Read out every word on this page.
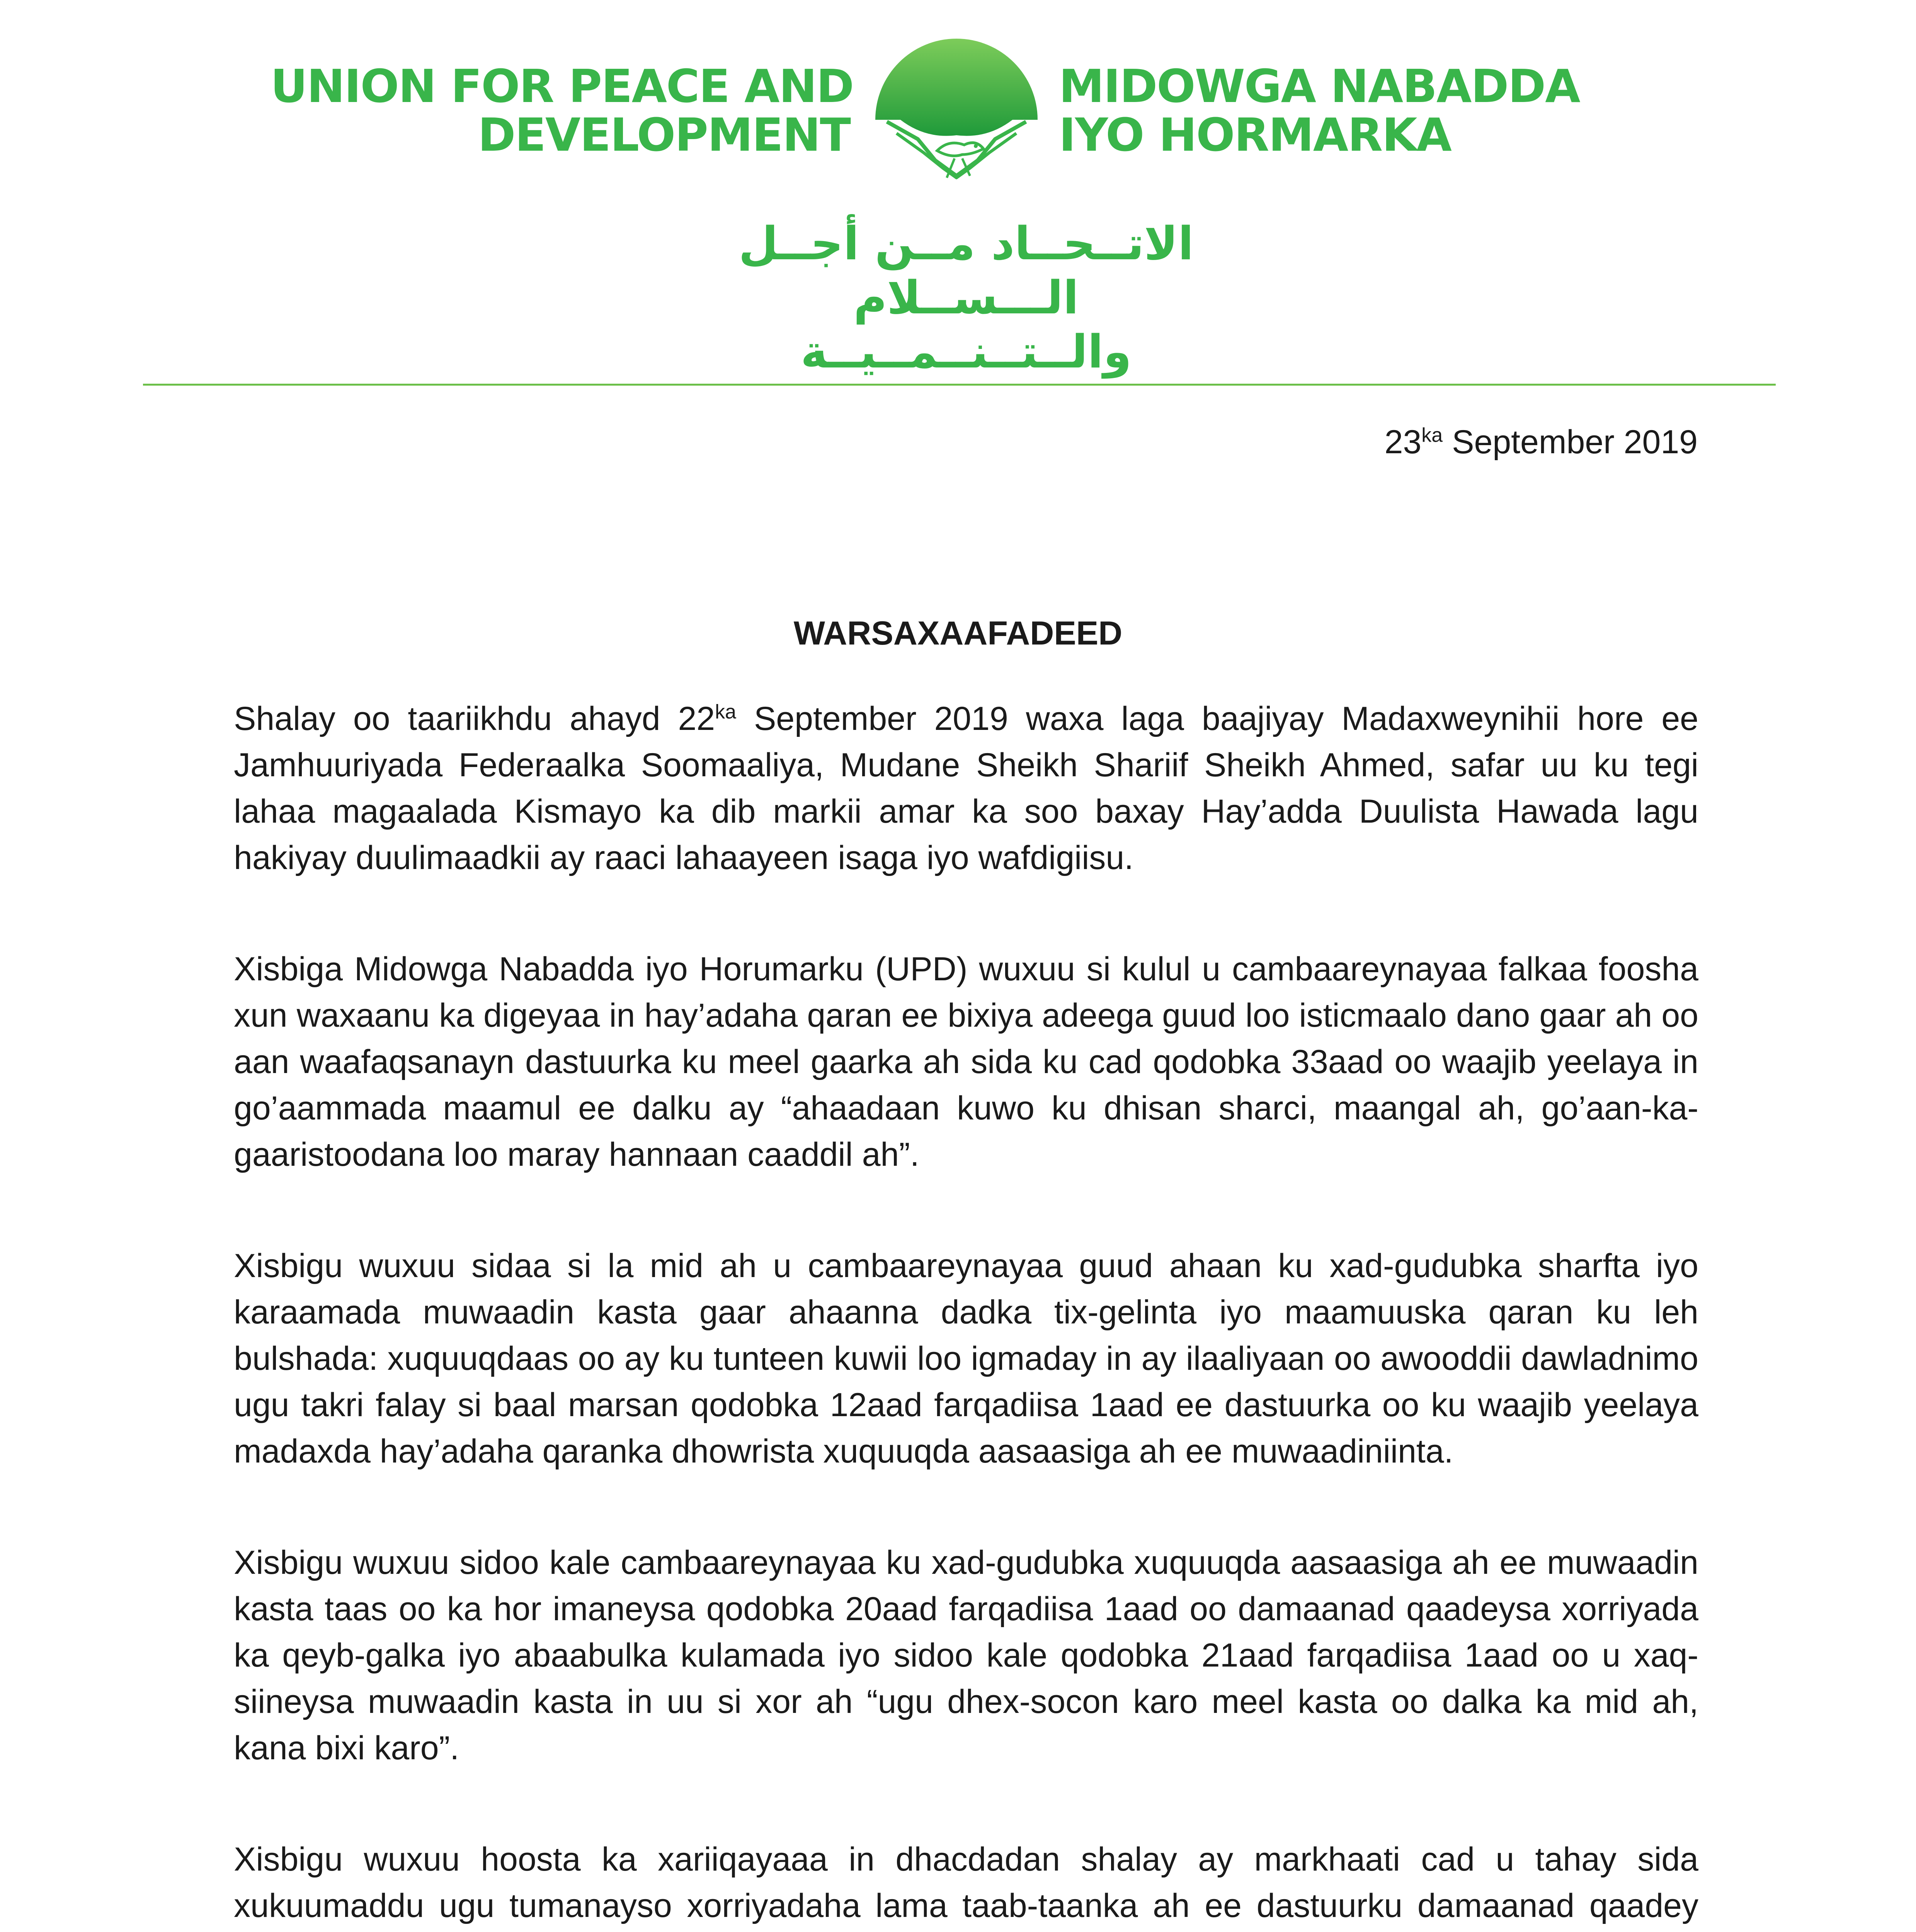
UNION FOR PEACE AND
DEVELOPMENT
MIDOWGA NABADDA
IYO HORMARKA
الاتــحــاد مــن أجــل الـــســلام
والــتــنــمــيــة
$23^{ka}$ September 2019
WARSAXAAFADEED

Shalay oo taariikhdu ahayd $22^{ka}$ September 2019 waxa laga baajiyay Madaxweynihii hore ee Jamhuuriyada Federaalka Soomaaliya, Mudane Sheikh Shariif Sheikh Ahmed, safar uu ku tegi lahaa magaalada Kismayo ka dib markii amar ka soo baxay Hay’adda Duulista Hawada lagu hakiyay duulimaadkii ay raaci lahaayeen isaga iyo wafdigiisu.

Xisbiga Midowga Nabadda iyo Horumarku (UPD) wuxuu si kulul u cambaareynayaa falkaa foosha xun waxaanu ka digeyaa in hay’adaha qaran ee bixiya adeega guud loo isticmaalo dano gaar ah oo aan waafaqsanayn dastuurka ku meel gaarka ah sida ku cad qodobka 33aad oo waajib yeelaya in go’aammada maamul ee dalku ay “ahaadaan kuwo ku dhisan sharci, maangal ah, go’aan-ka-gaaristoodana loo maray hannaan caaddil ah”.

Xisbigu wuxuu sidaa si la mid ah u cambaareynayaa guud ahaan ku xad-gudubka sharfta iyo karaamada muwaadin kasta gaar ahaanna dadka tix-gelinta iyo maamuuska qaran ku leh bulshada: xuquuqdaas oo ay ku tunteen kuwii loo igmaday in ay ilaaliyaan oo awooddii dawladnimo ugu takri falay si baal marsan qodobka 12aad farqadiisa 1aad ee dastuurka oo ku waajib yeelaya madaxda hay’adaha qaranka dhowrista xuquuqda aasaasiga ah ee muwaadiniinta.

Xisbigu wuxuu sidoo kale cambaareynayaa ku xad-gudubka xuquuqda aasaasiga ah ee muwaadin kasta taas oo ka hor imaneysa qodobka 20aad farqadiisa 1aad oo damaanad qaadeysa xorriyada ka qeyb-galka iyo abaabulka kulamada iyo sidoo kale qodobka 21aad farqadiisa 1aad oo u xaq-siineysa muwaadin kasta in uu si xor ah “ugu dhex-socon karo meel kasta oo dalka ka mid ah, kana bixi karo”.

Xisbigu wuxuu hoosta ka xariiqayaaa in dhacdadan shalay ay markhaati cad u tahay sida xukuumaddu ugu tumanayso xorriyadaha lama taab-taanka ah ee dastuurku damaanad qaadey
